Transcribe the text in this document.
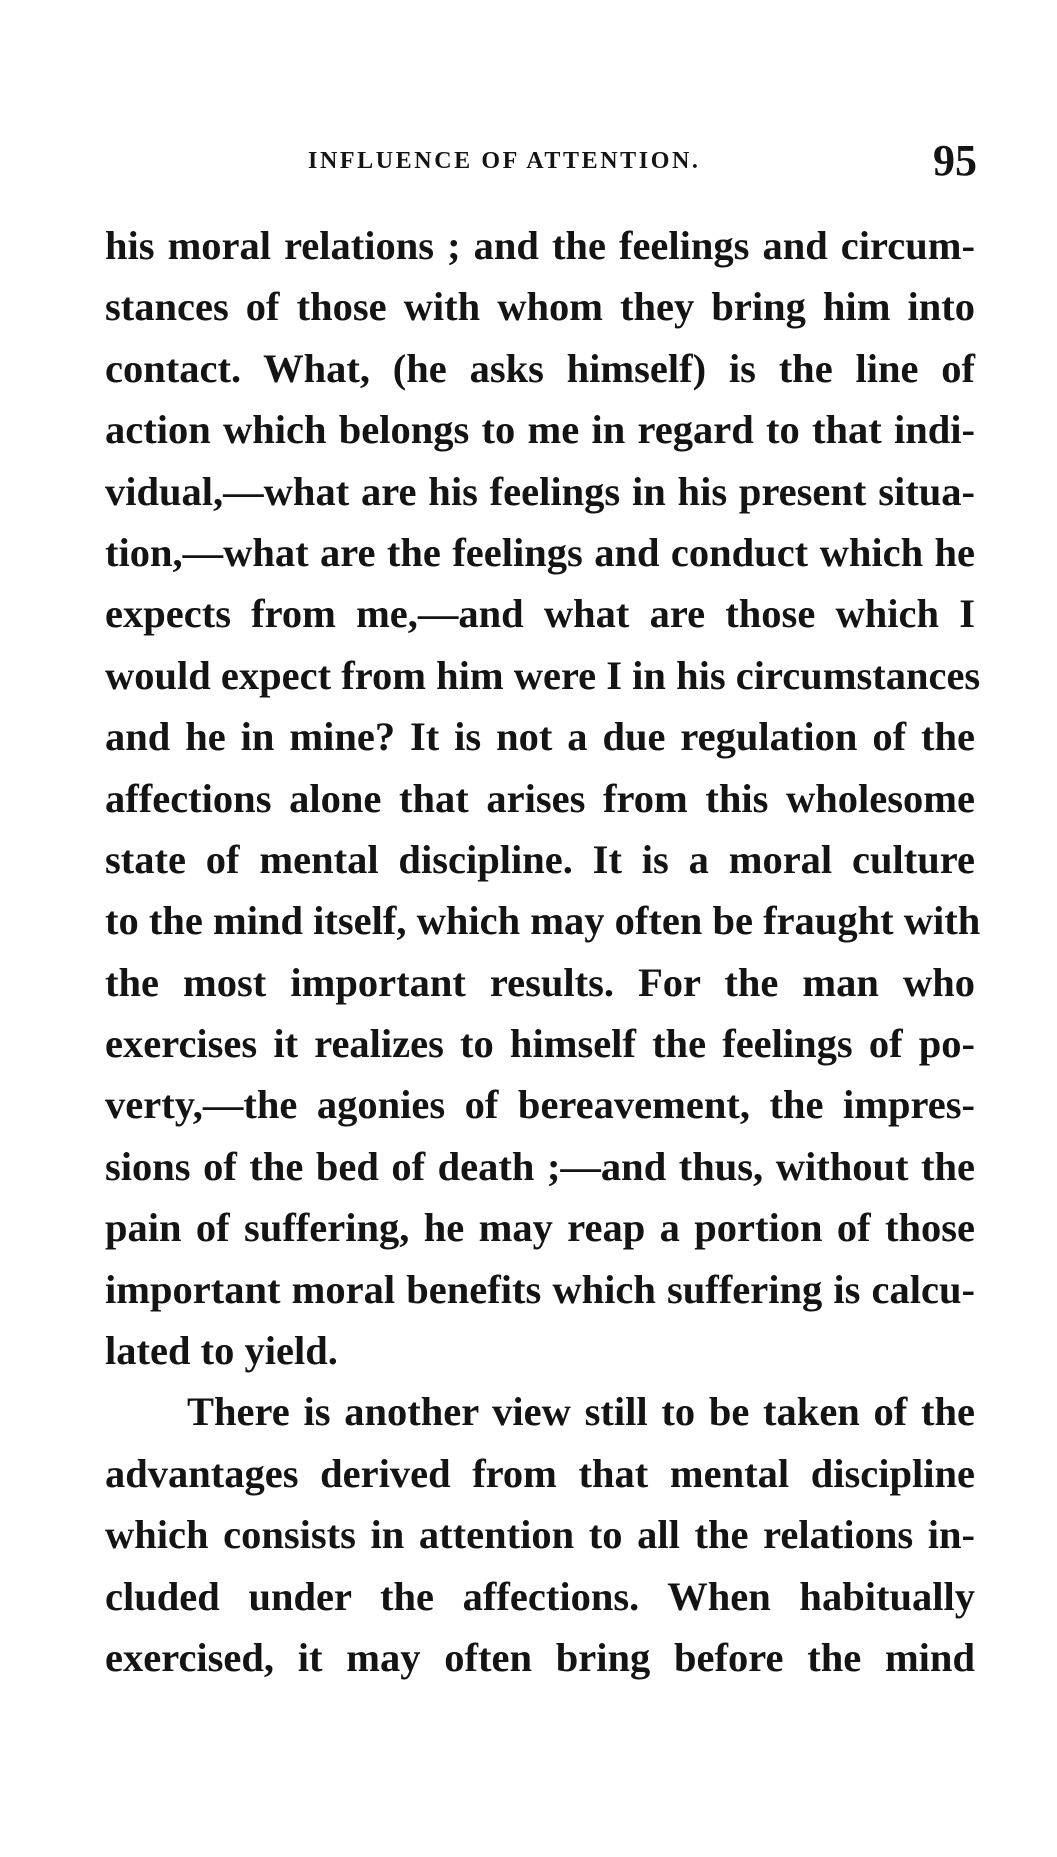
INFLUENCE OF ATTENTION.	95
his moral relations ; and the feelings and circum-
stances of those with whom they bring him into
contact. What, (he asks himself) is the line of
action which belongs to me in regard to that indi-
vidual,—what are his feelings in his present situa-
tion,—what are the feelings and conduct which he
expects from me,—and what are those which I
would expect from him were I in his circumstances
and he in mine? It is not a due regulation of the
affections alone that arises from this wholesome
state of mental discipline. It is a moral culture
to the mind itself, which may often be fraught with
the most important results. For the man who
exercises it realizes to himself the feelings of po-
verty,—the agonies of bereavement, the impres-
sions of the bed of death ;—and thus, without the
pain of suffering, he may reap a portion of those
important moral benefits which suffering is calcu-
lated to yield.
There is another view still to be taken of the
advantages derived from that mental discipline
which consists in attention to all the relations in-
cluded under the affections. When habitually
exercised, it may often bring before the mind
